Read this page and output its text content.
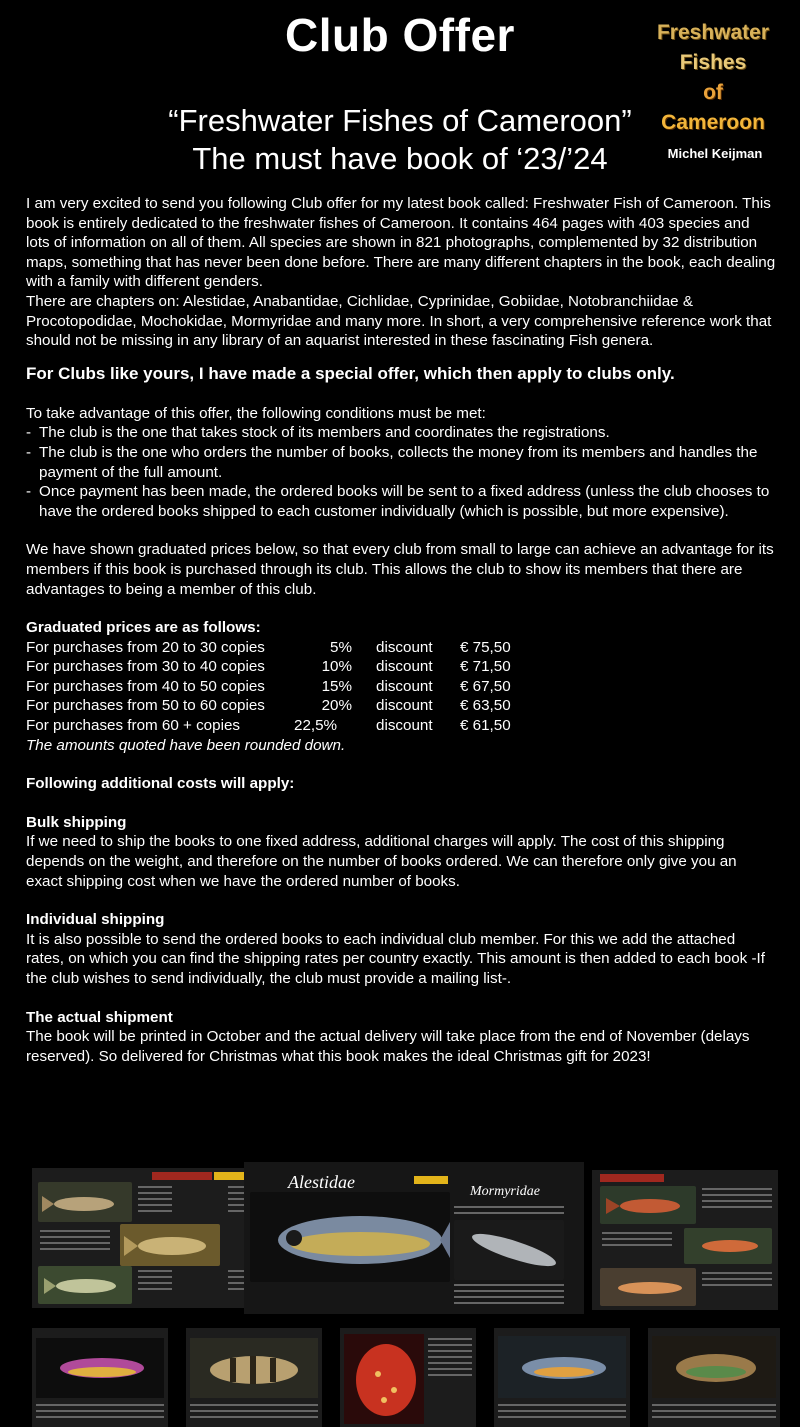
Club Offer
“Freshwater Fishes of Cameroon”
The must have book of ‘23/’24
Freshwater
Fishes
of
Cameroon
Michel Keijman

I am very excited to send you following Club offer for my latest book called: Freshwater Fish of Cameroon. This book is entirely dedicated to the freshwater fishes of Cameroon. It contains 464 pages with 403 species and lots of information on all of them. All species are shown in 821 photographs, complemented by 32 distribution maps, something that has never been done before. There are many different chapters in the book, each dealing with a family with different genders.

There are chapters on: Alestidae, Anabantidae, Cichlidae, Cyprinidae, Gobiidae, Notobranchiidae & Procotopodidae, Mochokidae, Mormyridae and many more. In short, a very comprehensive reference work that should not be missing in any library of an aquarist interested in these fascinating Fish genera.

For Clubs like yours, I have made a special offer, which then apply to clubs only.

To take advantage of this offer, the following conditions must be met:

- The club is the one that takes stock of its members and coordinates the registrations.
- The club is the one who orders the number of books, collects the money from its members and handles the payment of the full amount.
- Once payment has been made, the ordered books will be sent to a fixed address (unless the club chooses to have the ordered books shipped to each customer individually (which is possible, but more expensive).

We have shown graduated prices below, so that every club from small to large can achieve an advantage for its members if this book is purchased through its club. This allows the club to show its members that there are advantages to being a member of this club.

Graduated prices are as follows:

For purchases from 20 to 30 copies	5%	discount	€ 75,50
For purchases from 30 to 40 copies	10%	discount	€ 71,50
For purchases from 40 to 50 copies	15%	discount	€ 67,50
For purchases from 50 to 60 copies	20%	discount	€ 63,50
For purchases from 60 + copies	22,5%	discount	€ 61,50

The amounts quoted have been rounded down.

Following additional costs will apply:

Bulk shipping

If we need to ship the books to one fixed address, additional charges will apply. The cost of this shipping depends on the weight, and therefore on the number of books ordered. We can therefore only give you an exact shipping cost when we have the ordered number of books.

Individual shipping

It is also possible to send the ordered books to each individual club member. For this we add the attached rates, on which you can find the shipping rates per country exactly. This amount is then added to each book -If the club wishes to send individually, the club must provide a mailing list-.

The actual shipment

The book will be printed in October and the actual delivery will take place from the end of November (delays reserved). So delivered for Christmas what this book makes the ideal Christmas gift for 2023!

Alestidae	Mormyridae
